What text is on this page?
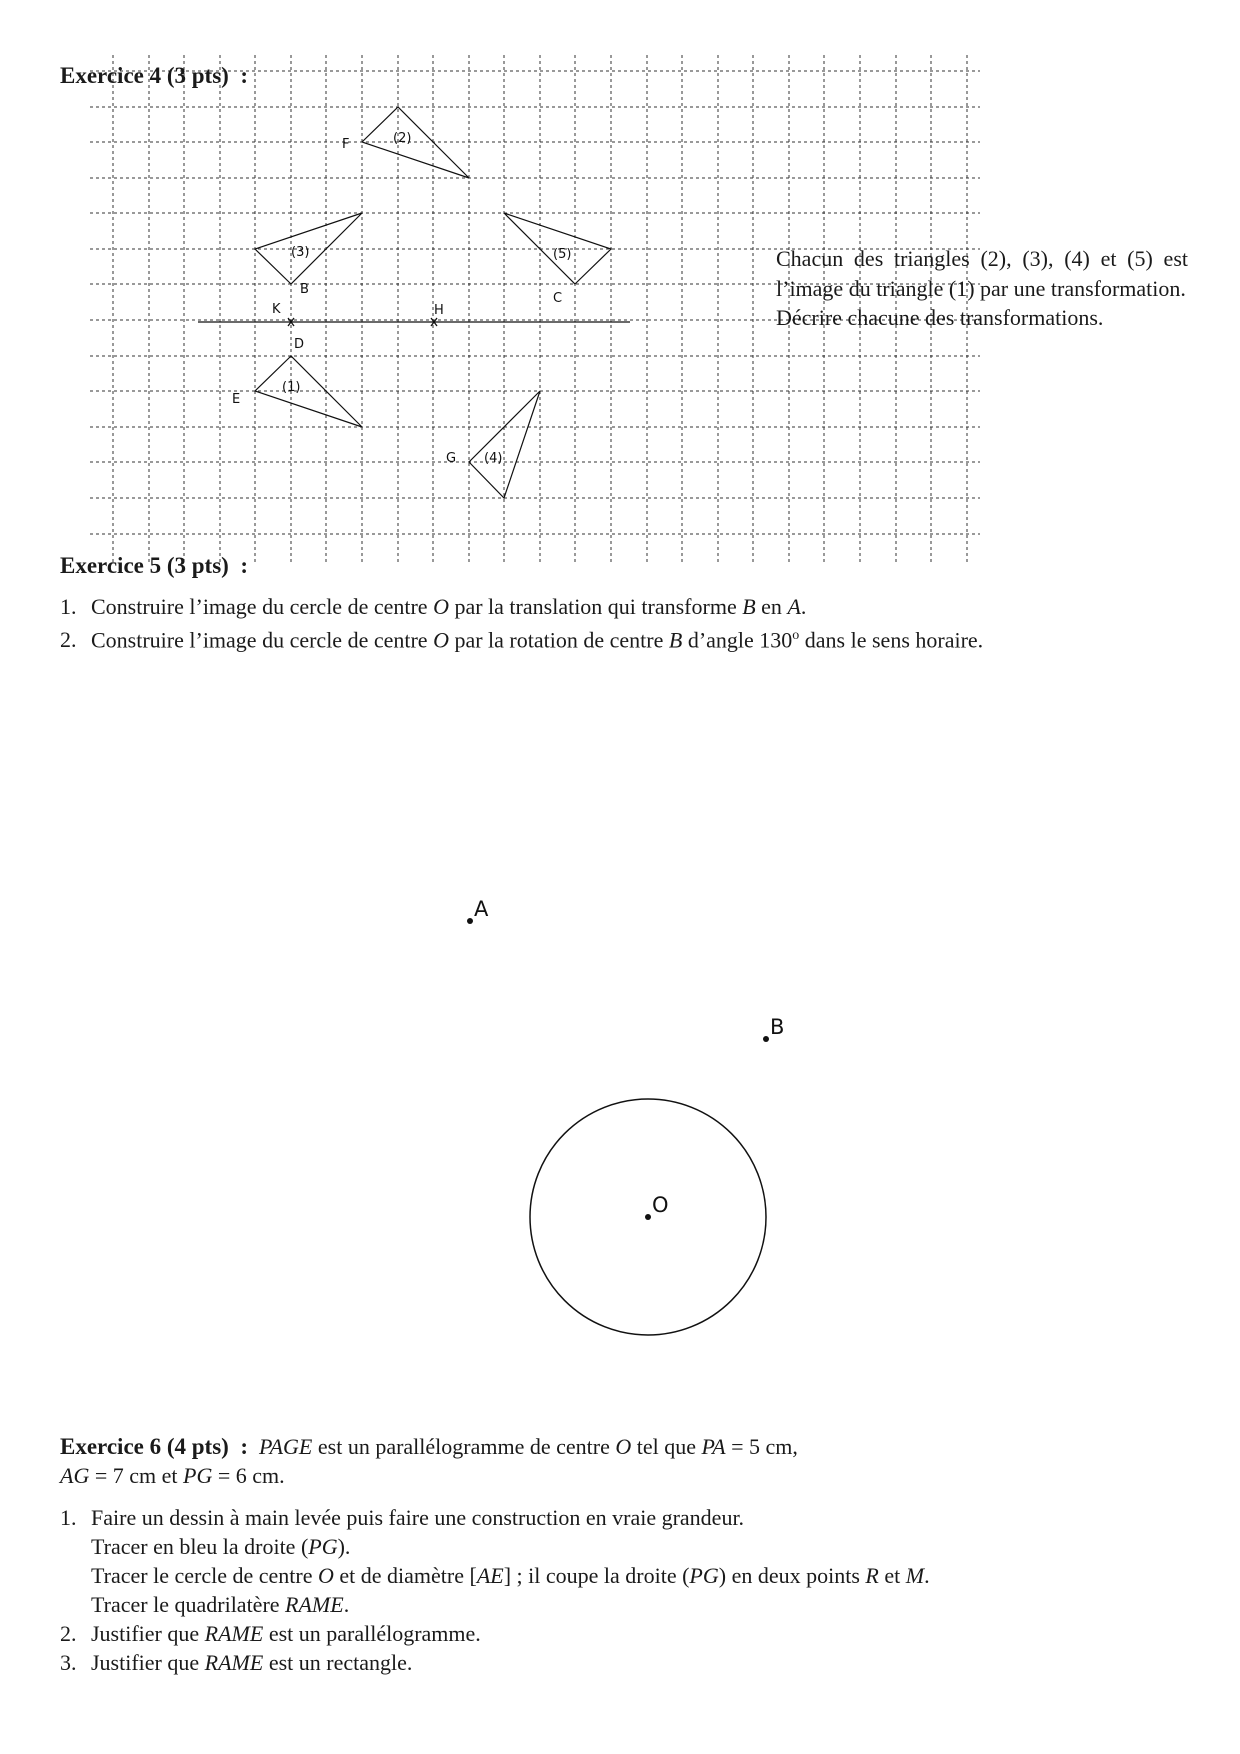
(2)
(3)	(5)
(1)
(4)
F
B
C
K	H
D
E
G
Exercice 4 (3 pts) :
Chacun des triangles (2), (3), (4) et (5) est l’image du triangle (1) par une transformation.
Décrire chacune des transformations.
Exercice 5 (3 pts) :
1. Construire l’image du cercle de centre O par la translation qui transforme B en A.
2. Construire l’image du cercle de centre O par la rotation de centre B d’angle 130$^o$ dans le sens horaire.
A
B
O
Exercice 6 (4 pts) : PAGE est un parallélogramme de centre O tel que PA = 5 cm,
AG = 7 cm et PG = 6 cm.
1. Faire un dessin à main levée puis faire une construction en vraie grandeur.
Tracer en bleu la droite (PG).
Tracer le cercle de centre O et de diamètre [AE] ; il coupe la droite (PG) en deux points R et M.
Tracer le quadrilatère RAME.
2. Justifier que RAME est un parallélogramme.
3. Justifier que RAME est un rectangle.
